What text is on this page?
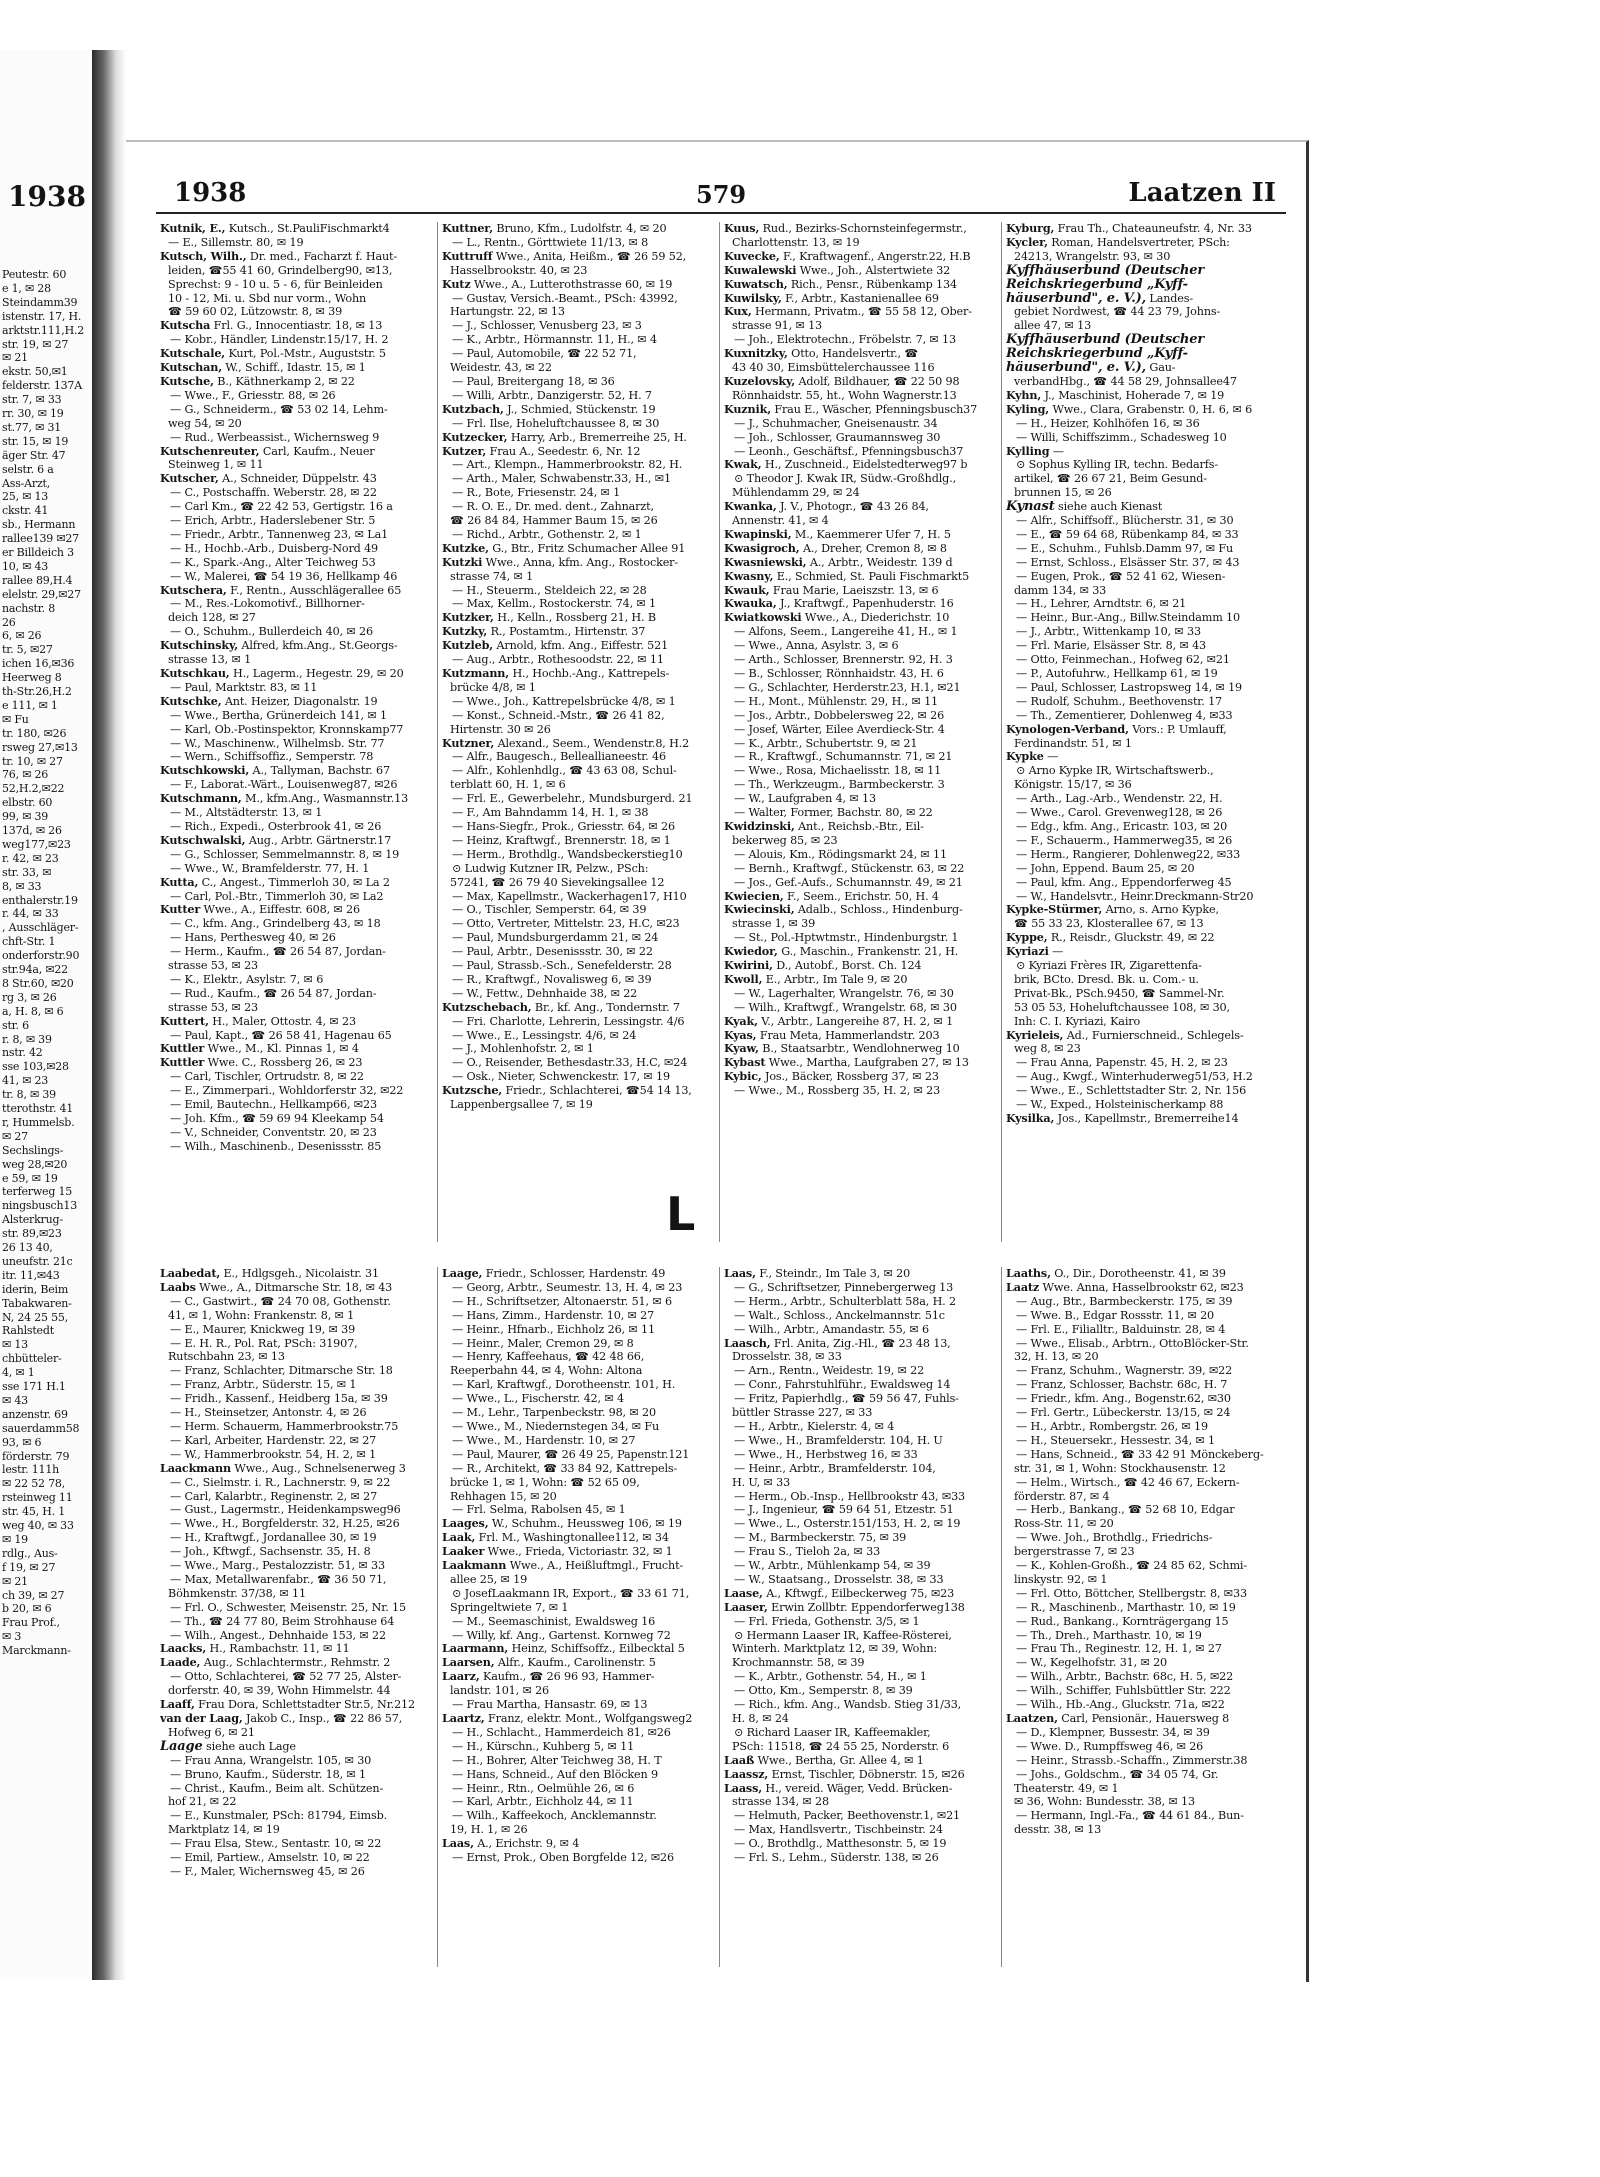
1938
Peutestr. 60
e 1, ✉ 28
Steindamm39
istenstr. 17, H.
arktstr.111,H.2
str. 19, ✉ 27
✉ 21
ekstr. 50,✉1
felderstr. 137A
str. 7, ✉ 33
rr. 30, ✉ 19
st.77, ✉ 31
str. 15, ✉ 19
äger Str. 47
selstr. 6 a
Ass-Arzt,
25, ✉ 13
ckstr. 41
sb., Hermann
rallee139 ✉27
er Billdeich 3
10, ✉ 43
rallee 89,H.4
elelstr. 29,✉27
nachstr. 8
26
6, ✉ 26
tr. 5, ✉27
ichen 16,✉36
Heerweg 8
th-Str.26,H.2
e 111, ✉ 1
✉ Fu
tr. 180, ✉26
rsweg 27,✉13
tr. 10, ✉ 27
76, ✉ 26
52,H.2,✉22
elbstr. 60
99, ✉ 39
137d, ✉ 26
weg177,✉23
r. 42, ✉ 23
str. 33, ✉
8, ✉ 33
enthalerstr.19
r. 44, ✉ 33
, Ausschläger-
chft-Str. 1
onderforstr.90
str.94a, ✉22
8 Str.60, ✉20
rg 3, ✉ 26
a, H. 8, ✉ 6
str. 6
r. 8, ✉ 39
nstr. 42
sse 103,✉28
41, ✉ 23
tr. 8, ✉ 39
tterothstr. 41
r, Hummelsb.
✉ 27
Sechslings-
weg 28,✉20
e 59, ✉ 19
terferweg 15
ningsbusch13
Alsterkrug-
str. 89,✉23
26 13 40,
uneufstr. 21c
itr. 11,✉43
iderin, Beim
Tabakwaren-
N, 24 25 55,
Rahlstedt
✉ 13
chbütteler-
4, ✉ 1
sse 171 H.1
✉ 43
anzenstr. 69
sauerdamm58
93, ✉ 6
förderstr. 79
lestr. 111h
✉ 22 52 78,
rsteinweg 11
str. 45, H. 1
weg 40, ✉ 33
✉ 19
rdlg., Aus-
f 19, ✉ 27
✉ 21
ch 39, ✉ 27
b 20, ✉ 6
Frau Prof.,
✉ 3
Marckmann-
1938	579	Laatzen II
Kutnik, E., Kutsch., St.PauliFischmarkt4
— E., Sillemstr. 80, ✉ 19
Kutsch, Wilh., Dr. med., Facharzt f. Haut-
leiden, ☎55 41 60, Grindelberg90, ✉13,
Sprechst: 9 - 10 u. 5 - 6, für Beinleiden
10 - 12, Mi. u. Sbd nur vorm., Wohn
☎ 59 60 02, Lützowstr. 8, ✉ 39
Kutscha Frl. G., Innocentiastr. 18, ✉ 13
— Kobr., Händler, Lindenstr.15/17, H. 2
Kutschale, Kurt, Pol.-Mstr., Auguststr. 5
Kutschan, W., Schiff., Idastr. 15, ✉ 1
Kutsche, B., Käthnerkamp 2, ✉ 22
— Wwe., F., Griesstr. 88, ✉ 26
— G., Schneiderm., ☎ 53 02 14, Lehm-
weg 54, ✉ 20
— Rud., Werbeassist., Wichernsweg 9
Kutschenreuter, Carl, Kaufm., Neuer
Steinweg 1, ✉ 11
Kutscher, A., Schneider, Düppelstr. 43
— C., Postschaffn. Weberstr. 28, ✉ 22
— Carl Km., ☎ 22 42 53, Gertigstr. 16 a
— Erich, Arbtr., Haderslebener Str. 5
— Friedr., Arbtr., Tannenweg 23, ✉ La1
— H., Hochb.-Arb., Duisberg-Nord 49
— K., Spark.-Ang., Alter Teichweg 53
— W., Malerei, ☎ 54 19 36, Hellkamp 46
Kutschera, F., Rentn., Ausschlägerallee 65
— M., Res.-Lokomotivf., Billhorner-
deich 128, ✉ 27
— O., Schuhm., Bullerdeich 40, ✉ 26
Kutschinsky, Alfred, kfm.Ang., St.Georgs-
strasse 13, ✉ 1
Kutschkau, H., Lagerm., Hegestr. 29, ✉ 20
— Paul, Marktstr. 83, ✉ 11
Kutschke, Ant. Heizer, Diagonalstr. 19
— Wwe., Bertha, Grünerdeich 141, ✉ 1
— Karl, Ob.-Postinspektor, Kronnskamp77
— W., Maschinenw., Wilhelmsb. Str. 77
— Wern., Schiffsoffiz., Semperstr. 78
Kutschkowski, A., Tallyman, Bachstr. 67
— F., Laborat.-Wärt., Louisenweg87, ✉26
Kutschmann, M., kfm.Ang., Wasmannstr.13
— M., Altstädterstr. 13, ✉ 1
— Rich., Expedi., Osterbrook 41, ✉ 26
Kutschwalski, Aug., Arbtr. Gärtnerstr.17
— G., Schlosser, Semmelmannstr. 8, ✉ 19
— Wwe., W., Bramfelderstr. 77, H. 1
Kutta, C., Angest., Timmerloh 30, ✉ La 2
— Carl, Pol.-Btr., Timmerloh 30, ✉ La2
Kutter Wwe., A., Eiffestr. 608, ✉ 26
— C., kfm. Ang., Grindelberg 43, ✉ 18
— Hans, Perthesweg 40, ✉ 26
— Herm., Kaufm., ☎ 26 54 87, Jordan-
strasse 53, ✉ 23
— K., Elektr., Asylstr. 7, ✉ 6
— Rud., Kaufm., ☎ 26 54 87, Jordan-
strasse 53, ✉ 23
Kuttert, H., Maler, Ottostr. 4, ✉ 23
— Paul, Kapt., ☎ 26 58 41, Hagenau 65
Kuttler Wwe., M., Kl. Pinnas 1, ✉ 4
Kuttler Wwe. C., Rossberg 26, ✉ 23
— Carl, Tischler, Ortrudstr. 8, ✉ 22
— E., Zimmerpari., Wohldorferstr 32, ✉22
— Emil, Bautechn., Hellkamp66, ✉23
— Joh. Kfm., ☎ 59 69 94 Kleekamp 54
— V., Schneider, Conventstr. 20, ✉ 23
— Wilh., Maschinenb., Desenissstr. 85
Kuttner, Bruno, Kfm., Ludolfstr. 4, ✉ 20
— L., Rentn., Görttwiete 11/13, ✉ 8
Kuttruff Wwe., Anita, Heißm., ☎ 26 59 52,
Hasselbrookstr. 40, ✉ 23
Kutz Wwe., A., Lutterothstrasse 60, ✉ 19
— Gustav, Versich.-Beamt., PSch: 43992,
Hartungstr. 22, ✉ 13
— J., Schlosser, Venusberg 23, ✉ 3
— K., Arbtr., Hörmannstr. 11, H., ✉ 4
— Paul, Automobile, ☎ 22 52 71,
Weidestr. 43, ✉ 22
— Paul, Breitergang 18, ✉ 36
— Willi, Arbtr., Danzigerstr. 52, H. 7
Kutzbach, J., Schmied, Stückenstr. 19
— Frl. Ilse, Hoheluftchaussee 8, ✉ 30
Kutzecker, Harry, Arb., Bremerreihe 25, H.
Kutzer, Frau A., Seedestr. 6, Nr. 12
— Art., Klempn., Hammerbrookstr. 82, H.
— Arth., Maler, Schwabenstr.33, H., ✉1
— R., Bote, Friesenstr. 24, ✉ 1
— R. O. E., Dr. med. dent., Zahnarzt,
☎ 26 84 84, Hammer Baum 15, ✉ 26
— Richd., Arbtr., Gothenstr. 2, ✉ 1
Kutzke, G., Btr., Fritz Schumacher Allee 91
Kutzki Wwe., Anna, kfm. Ang., Rostocker-
strasse 74, ✉ 1
— H., Steuerm., Steldeich 22, ✉ 28
— Max, Kellm., Rostockerstr. 74, ✉ 1
Kutzker, H., Kelln., Rossberg 21, H. B
Kutzky, R., Postamtm., Hirtenstr. 37
Kutzleb, Arnold, kfm. Ang., Eiffestr. 521
— Aug., Arbtr., Rothesoodstr. 22, ✉ 11
Kutzmann, H., Hochb.-Ang., Kattrepels-
brücke 4/8, ✉ 1
— Wwe., Joh., Kattrepelsbrücke 4/8, ✉ 1
— Konst., Schneid.-Mstr., ☎ 26 41 82,
Hirtenstr. 30 ✉ 26
Kutzner, Alexand., Seem., Wendenstr.8, H.2
— Alfr., Baugesch., Belleallianeestr. 46
— Alfr., Kohlenhdlg., ☎ 43 63 08, Schul-
terblatt 60, H. 1, ✉ 6
— Frl. E., Gewerbelehr., Mundsburgerd. 21
— F., Am Bahndamm 14, H. 1, ✉ 38
— Hans-Siegfr., Prok., Griesstr. 64, ✉ 26
— Heinz, Kraftwgf., Brennerstr. 18, ✉ 1
— Herm., Brothdlg., Wandsbeckerstieg10
⊙ Ludwig Kutzner IR, Pelzw., PSch:
57241, ☎ 26 79 40 Sievekingsallee 12
— Max, Kapellmstr., Wackerhagen17, H10
— O., Tischler, Semperstr. 64, ✉ 39
— Otto, Vertreter, Mittelstr. 23, H.C, ✉23
— Paul, Mundsburgerdamm 21, ✉ 24
— Paul, Arbtr., Desenissstr. 30, ✉ 22
— Paul, Strassb.-Sch., Senefelderstr. 28
— R., Kraftwgf., Novalisweg 6, ✉ 39
— W., Fettw., Dehnhaide 38, ✉ 22
Kutzschebach, Br., kf. Ang., Tondernstr. 7
— Fri. Charlotte, Lehrerin, Lessingstr. 4/6
— Wwe., E., Lessingstr. 4/6, ✉ 24
— J., Mohlenhofstr. 2, ✉ 1
— O., Reisender, Bethesdastr.33, H.C, ✉24
— Osk., Nieter, Schwenckestr. 17, ✉ 19
Kutzsche, Friedr., Schlachterei, ☎54 14 13,
Lappenbergsallee 7, ✉ 19
Kuus, Rud., Bezirks-Schornsteinfegermstr.,
Charlottenstr. 13, ✉ 19
Kuvecke, F., Kraftwagenf., Angerstr.22, H.B
Kuwalewski Wwe., Joh., Alstertwiete 32
Kuwatsch, Rich., Pensr., Rübenkamp 134
Kuwilsky, F., Arbtr., Kastanienallee 69
Kux, Hermann, Privatm., ☎ 55 58 12, Ober-
strasse 91, ✉ 13
— Joh., Elektrotechn., Fröbelstr. 7, ✉ 13
Kuxnitzky, Otto, Handelsvertr., ☎
43 40 30, Eimsbüttelerchaussee 116
Kuzelovsky, Adolf, Bildhauer, ☎ 22 50 98
Rönnhaidstr. 55, ht., Wohn Wagnerstr.13
Kuznik, Frau E., Wäscher, Pfenningsbusch37
— J., Schuhmacher, Gneisenaustr. 34
— Joh., Schlosser, Graumannsweg 30
— Leonh., Geschäftsf., Pfenningsbusch37
Kwak, H., Zuschneid., Eidelstedterweg97 b
⊙ Theodor J. Kwak IR, Südw.-Großhdlg.,
Mühlendamm 29, ✉ 24
Kwanka, J. V., Photogr., ☎ 43 26 84,
Annenstr. 41, ✉ 4
Kwapinski, M., Kaemmerer Ufer 7, H. 5
Kwasigroch, A., Dreher, Cremon 8, ✉ 8
Kwasniewski, A., Arbtr., Weidestr. 139 d
Kwasny, E., Schmied, St. Pauli Fischmarkt5
Kwauk, Frau Marie, Laeiszstr. 13, ✉ 6
Kwauka, J., Kraftwgf., Papenhuderstr. 16
Kwiatkowski Wwe., A., Diederichstr. 10
— Alfons, Seem., Langereihe 41, H., ✉ 1
— Wwe., Anna, Asylstr. 3, ✉ 6
— Arth., Schlosser, Brennerstr. 92, H. 3
— B., Schlosser, Rönnhaidstr. 43, H. 6
— G., Schlachter, Herderstr.23, H.1, ✉21
— H., Mont., Mühlenstr. 29, H., ✉ 11
— Jos., Arbtr., Dobbelersweg 22, ✉ 26
— Josef, Wärter, Eilee Averdieck-Str. 4
— K., Arbtr., Schubertstr. 9, ✉ 21
— R., Kraftwgf., Schumannstr. 71, ✉ 21
— Wwe., Rosa, Michaelisstr. 18, ✉ 11
— Th., Werkzeugm., Barmbeckerstr. 3
— W., Laufgraben 4, ✉ 13
— Walter, Former, Bachstr. 80, ✉ 22
Kwidzinski, Ant., Reichsb.-Btr., Eil-
bekerweg 85, ✉ 23
— Alouis, Km., Rödingsmarkt 24, ✉ 11
— Bernh., Kraftwgf., Stückenstr. 63, ✉ 22
— Jos., Gef.-Aufs., Schumannstr. 49, ✉ 21
Kwiecien, F., Seem., Erichstr. 50, H. 4
Kwiecinski, Adalb., Schloss., Hindenburg-
strasse 1, ✉ 39
— St., Pol.-Hptwtmstr., Hindenburgstr. 1
Kwiedor, G., Maschin., Frankenstr. 21, H.
Kwirini, D., Autobf., Borst. Ch. 124
Kwoll, E., Arbtr., Im Tale 9, ✉ 20
— W., Lagerhalter, Wrangelstr. 76, ✉ 30
— Wilh., Kraftwgf., Wrangelstr. 68, ✉ 30
Kyak, V., Arbtr., Langereihe 87, H. 2, ✉ 1
Kyas, Frau Meta, Hammerlandstr. 203
Kyaw, B., Staatsarbtr., Wendlohnerweg 10
Kybast Wwe., Martha, Laufgraben 27, ✉ 13
Kybic, Jos., Bäcker, Rossberg 37, ✉ 23
— Wwe., M., Rossberg 35, H. 2, ✉ 23
Kyburg, Frau Th., Chateauneufstr. 4, Nr. 33
Kycler, Roman, Handelsvertreter, PSch:
24213, Wrangelstr. 93, ✉ 30
Kyffhäuserbund (Deutscher
Reichskriegerbund „Kyff-
häuserbund", e. V.), Landes-
gebiet Nordwest, ☎ 44 23 79, Johns-
allee 47, ✉ 13
Kyffhäuserbund (Deutscher
Reichskriegerbund „Kyff-
häuserbund", e. V.), Gau-
verbandHbg., ☎ 44 58 29, Johnsallee47
Kyhn, J., Maschinist, Hoherade 7, ✉ 19
Kyling, Wwe., Clara, Grabenstr. 0, H. 6, ✉ 6
— H., Heizer, Kohlhöfen 16, ✉ 36
— Willi, Schiffszimm., Schadesweg 10
Kylling —
⊙ Sophus Kylling IR, techn. Bedarfs-
artikel, ☎ 26 67 21, Beim Gesund-
brunnen 15, ✉ 26
Kynast siehe auch Kienast
— Alfr., Schiffsoff., Blücherstr. 31, ✉ 30
— E., ☎ 59 64 68, Rübenkamp 84, ✉ 33
— E., Schuhm., Fuhlsb.Damm 97, ✉ Fu
— Ernst, Schloss., Elsässer Str. 37, ✉ 43
— Eugen, Prok., ☎ 52 41 62, Wiesen-
damm 134, ✉ 33
— H., Lehrer, Arndtstr. 6, ✉ 21
— Heinr., Bur.-Ang., Billw.Steindamm 10
— J., Arbtr., Wittenkamp 10, ✉ 33
— Frl. Marie, Elsässer Str. 8, ✉ 43
— Otto, Feinmechan., Hofweg 62, ✉21
— P., Autofuhrw., Hellkamp 61, ✉ 19
— Paul, Schlosser, Lastropsweg 14, ✉ 19
— Rudolf, Schuhm., Beethovenstr. 17
— Th., Zementierer, Dohlenweg 4, ✉33
Kynologen-Verband, Vors.: P. Umlauff,
Ferdinandstr. 51, ✉ 1
Kypke —
⊙ Arno Kypke IR, Wirtschaftswerb.,
Königstr. 15/17, ✉ 36
— Arth., Lag.-Arb., Wendenstr. 22, H.
— Wwe., Carol. Grevenweg128, ✉ 26
— Edg., kfm. Ang., Ericastr. 103, ✉ 20
— F., Schauerm., Hammerweg35, ✉ 26
— Herm., Rangierer, Dohlenweg22, ✉33
— John, Eppend. Baum 25, ✉ 20
— Paul, kfm. Ang., Eppendorferweg 45
— W., Handelsvtr., Heinr.Dreckmann-Str20
Kypke-Stürmer, Arno, s. Arno Kypke,
☎ 55 33 23, Klosterallee 67, ✉ 13
Kyppe, R., Reisdr., Gluckstr. 49, ✉ 22
Kyriazi —
⊙ Kyriazi Frères IR, Zigarettenfa-
brik, BCto. Dresd. Bk. u. Com.- u.
Privat-Bk., PSch.9450, ☎ Sammel-Nr.
53 05 53, Hoheluftchaussee 108, ✉ 30,
Inh: C. I. Kyriazi, Kairo
Kyrieleis, Ad., Furnierschneid., Schlegels-
weg 8, ✉ 23
— Frau Anna, Papenstr. 45, H. 2, ✉ 23
— Aug., Kwgf., Winterhuderweg51/53, H.2
— Wwe., E., Schlettstadter Str. 2, Nr. 156
— W., Exped., Holsteinischerkamp 88
Kysilka, Jos., Kapellmstr., Bremerreihe14
L
Laabedat, E., Hdlgsgeh., Nicolaistr. 31
Laabs Wwe., A., Ditmarsche Str. 18, ✉ 43
— C., Gastwirt., ☎ 24 70 08, Gothenstr.
41, ✉ 1, Wohn: Frankenstr. 8, ✉ 1
— E., Maurer, Knickweg 19, ✉ 39
— E. H. R., Pol. Rat, PSch: 31907,
Rutschbahn 23, ✉ 13
— Franz, Schlachter, Ditmarsche Str. 18
— Franz, Arbtr., Süderstr. 15, ✉ 1
— Fridh., Kassenf., Heidberg 15a, ✉ 39
— H., Steinsetzer, Antonstr. 4, ✉ 26
— Herm. Schauerm, Hammerbrookstr.75
— Karl, Arbeiter, Hardenstr. 22, ✉ 27
— W., Hammerbrookstr. 54, H. 2, ✉ 1
Laackmann Wwe., Aug., Schnelsenerweg 3
— C., Sielmstr. i. R., Lachnerstr. 9, ✉ 22
— Carl, Kalarbtr., Reginenstr. 2, ✉ 27
— Gust., Lagermstr., Heidenkampsweg96
— Wwe., H., Borgfelderstr. 32, H.25, ✉26
— H., Kraftwgf., Jordanallee 30, ✉ 19
— Joh., Kftwgf., Sachsenstr. 35, H. 8
— Wwe., Marg., Pestalozzistr. 51, ✉ 33
— Max, Metallwarenfabr., ☎ 36 50 71,
Böhmkenstr. 37/38, ✉ 11
— Frl. O., Schwester, Meisenstr. 25, Nr. 15
— Th., ☎ 24 77 80, Beim Strohhause 64
— Wilh., Angest., Dehnhaide 153, ✉ 22
Laacks, H., Rambachstr. 11, ✉ 11
Laade, Aug., Schlachtermstr., Rehmstr. 2
— Otto, Schlachterei, ☎ 52 77 25, Alster-
dorferstr. 40, ✉ 39, Wohn Himmelstr. 44
Laaff, Frau Dora, Schlettstadter Str.5, Nr.212
van der Laag, Jakob C., Insp., ☎ 22 86 57,
Hofweg 6, ✉ 21
Laage siehe auch Lage
— Frau Anna, Wrangelstr. 105, ✉ 30
— Bruno, Kaufm., Süderstr. 18, ✉ 1
— Christ., Kaufm., Beim alt. Schützen-
hof 21, ✉ 22
— E., Kunstmaler, PSch: 81794, Eimsb.
Marktplatz 14, ✉ 19
— Frau Elsa, Stew., Sentastr. 10, ✉ 22
— Emil, Partiew., Amselstr. 10, ✉ 22
— F., Maler, Wichernsweg 45, ✉ 26
Laage, Friedr., Schlosser, Hardenstr. 49
— Georg, Arbtr., Seumestr. 13, H. 4, ✉ 23
— H., Schriftsetzer, Altonaerstr. 51, ✉ 6
— Hans, Zimm., Hardenstr. 10, ✉ 27
— Heinr., Hfnarb., Eichholz 26, ✉ 11
— Heinr., Maler, Cremon 29, ✉ 8
— Henry, Kaffeehaus, ☎ 42 48 66,
Reeperbahn 44, ✉ 4, Wohn: Altona
— Karl, Kraftwgf., Dorotheenstr. 101, H.
— Wwe., L., Fischerstr. 42, ✉ 4
— M., Lehr., Tarpenbeckstr. 98, ✉ 20
— Wwe., M., Niedernstegen 34, ✉ Fu
— Wwe., M., Hardenstr. 10, ✉ 27
— Paul, Maurer, ☎ 26 49 25, Papenstr.121
— R., Architekt, ☎ 33 84 92, Kattrepels-
brücke 1, ✉ 1, Wohn: ☎ 52 65 09,
Rehhagen 15, ✉ 20
— Frl. Selma, Rabolsen 45, ✉ 1
Laages, W., Schuhm., Heussweg 106, ✉ 19
Laak, Frl. M., Washingtonallee112, ✉ 34
Laaker Wwe., Frieda, Victoriastr. 32, ✉ 1
Laakmann Wwe., A., Heißluftmgl., Frucht-
allee 25, ✉ 19
⊙ JosefLaakmann IR, Export., ☎ 33 61 71,
Springeltwiete 7, ✉ 1
— M., Seemaschinist, Ewaldsweg 16
— Willy, kf. Ang., Gartenst. Kornweg 72
Laarmann, Heinz, Schiffsoffz., Eilbecktal 5
Laarsen, Alfr., Kaufm., Carolinenstr. 5
Laarz, Kaufm., ☎ 26 96 93, Hammer-
landstr. 101, ✉ 26
— Frau Martha, Hansastr. 69, ✉ 13
Laartz, Franz, elektr. Mont., Wolfgangsweg2
— H., Schlacht., Hammerdeich 81, ✉26
— H., Kürschn., Kuhberg 5, ✉ 11
— H., Bohrer, Alter Teichweg 38, H. T
— Hans, Schneid., Auf den Blöcken 9
— Heinr., Rtn., Oelmühle 26, ✉ 6
— Karl, Arbtr., Eichholz 44, ✉ 11
— Wilh., Kaffeekoch, Ancklemannstr.
19, H. 1, ✉ 26
Laas, A., Erichstr. 9, ✉ 4
— Ernst, Prok., Oben Borgfelde 12, ✉26
Laas, F., Steindr., Im Tale 3, ✉ 20
— G., Schriftsetzer, Pinnebergerweg 13
— Herm., Arbtr., Schulterblatt 58a, H. 2
— Walt., Schloss., Anckelmannstr. 51c
— Wilh., Arbtr., Amandastr. 55, ✉ 6
Laasch, Frl. Anita, Zig.-Hl., ☎ 23 48 13,
Drosselstr. 38, ✉ 33
— Arn., Rentn., Weidestr. 19, ✉ 22
— Conr., Fahrstuhlführ., Ewaldsweg 14
— Fritz, Papierhdlg., ☎ 59 56 47, Fuhls-
büttler Strasse 227, ✉ 33
— H., Arbtr., Kielerstr. 4, ✉ 4
— Wwe., H., Bramfelderstr. 104, H. U
— Wwe., H., Herbstweg 16, ✉ 33
— Heinr., Arbtr., Bramfelderstr. 104,
H. U, ✉ 33
— Herm., Ob.-Insp., Hellbrookstr 43, ✉33
— J., Ingenieur, ☎ 59 64 51, Etzestr. 51
— Wwe., L., Osterstr.151/153, H. 2, ✉ 19
— M., Barmbeckerstr. 75, ✉ 39
— Frau S., Tieloh 2a, ✉ 33
— W., Arbtr., Mühlenkamp 54, ✉ 39
— W., Staatsang., Drosselstr. 38, ✉ 33
Laase, A., Kftwgf., Eilbeckerweg 75, ✉23
Laaser, Erwin Zollbtr. Eppendorferweg138
— Frl. Frieda, Gothenstr. 3/5, ✉ 1
⊙ Hermann Laaser IR, Kaffee-Rösterei,
Winterh. Marktplatz 12, ✉ 39, Wohn:
Krochmannstr. 58, ✉ 39
— K., Arbtr., Gothenstr. 54, H., ✉ 1
— Otto, Km., Semperstr. 8, ✉ 39
— Rich., kfm. Ang., Wandsb. Stieg 31/33,
H. 8, ✉ 24
⊙ Richard Laaser IR, Kaffeemakler,
PSch: 11518, ☎ 24 55 25, Norderstr. 6
Laaß Wwe., Bertha, Gr. Allee 4, ✉ 1
Laassz, Ernst, Tischler, Döbnerstr. 15, ✉26
Laass, H., vereid. Wäger, Vedd. Brücken-
strasse 134, ✉ 28
— Helmuth, Packer, Beethovenstr.1, ✉21
— Max, Handlsvertr., Tischbeinstr. 24
— O., Brothdlg., Matthesonstr. 5, ✉ 19
— Frl. S., Lehm., Süderstr. 138, ✉ 26
Laaths, O., Dir., Dorotheenstr. 41, ✉ 39
Laatz Wwe. Anna, Hasselbrookstr 62, ✉23
— Aug., Btr., Barmbeckerstr. 175, ✉ 39
— Wwe. B., Edgar Rossstr. 11, ✉ 20
— Frl. E., Filialltr., Balduinstr. 28, ✉ 4
— Wwe., Elisab., Arbtrn., OttoBlöcker-Str.
32, H. 13, ✉ 20
— Franz, Schuhm., Wagnerstr. 39, ✉22
— Franz, Schlosser, Bachstr. 68c, H. 7
— Friedr., kfm. Ang., Bogenstr.62, ✉30
— Frl. Gertr., Lübeckerstr. 13/15, ✉ 24
— H., Arbtr., Rombergstr. 26, ✉ 19
— H., Steuersekr., Hessestr. 34, ✉ 1
— Hans, Schneid., ☎ 33 42 91 Mönckeberg-
str. 31, ✉ 1, Wohn: Stockhausenstr. 12
— Helm., Wirtsch., ☎ 42 46 67, Eckern-
förderstr. 87, ✉ 4
— Herb., Bankang., ☎ 52 68 10, Edgar
Ross-Str. 11, ✉ 20
— Wwe. Joh., Brothdlg., Friedrichs-
bergerstrasse 7, ✉ 23
— K., Kohlen-Großh., ☎ 24 85 62, Schmi-
linskystr. 92, ✉ 1
— Frl. Otto, Böttcher, Stellbergstr. 8, ✉33
— R., Maschinenb., Marthastr. 10, ✉ 19
— Rud., Bankang., Kornträgergang 15
— Th., Dreh., Marthastr. 10, ✉ 19
— Frau Th., Reginestr. 12, H. 1, ✉ 27
— W., Kegelhofstr. 31, ✉ 20
— Wilh., Arbtr., Bachstr. 68c, H. 5, ✉22
— Wilh., Schiffer, Fuhlsbüttler Str. 222
— Wilh., Hb.-Ang., Gluckstr. 71a, ✉22
Laatzen, Carl, Pensionär., Hauersweg 8
— D., Klempner, Bussestr. 34, ✉ 39
— Wwe. D., Rumpffsweg 46, ✉ 26
— Heinr., Strassb.-Schaffn., Zimmerstr.38
— Johs., Goldschm., ☎ 34 05 74, Gr.
Theaterstr. 49, ✉ 1
✉ 36, Wohn: Bundesstr. 38, ✉ 13
— Hermann, Ingl.-Fa., ☎ 44 61 84., Bun-
desstr. 38, ✉ 13
